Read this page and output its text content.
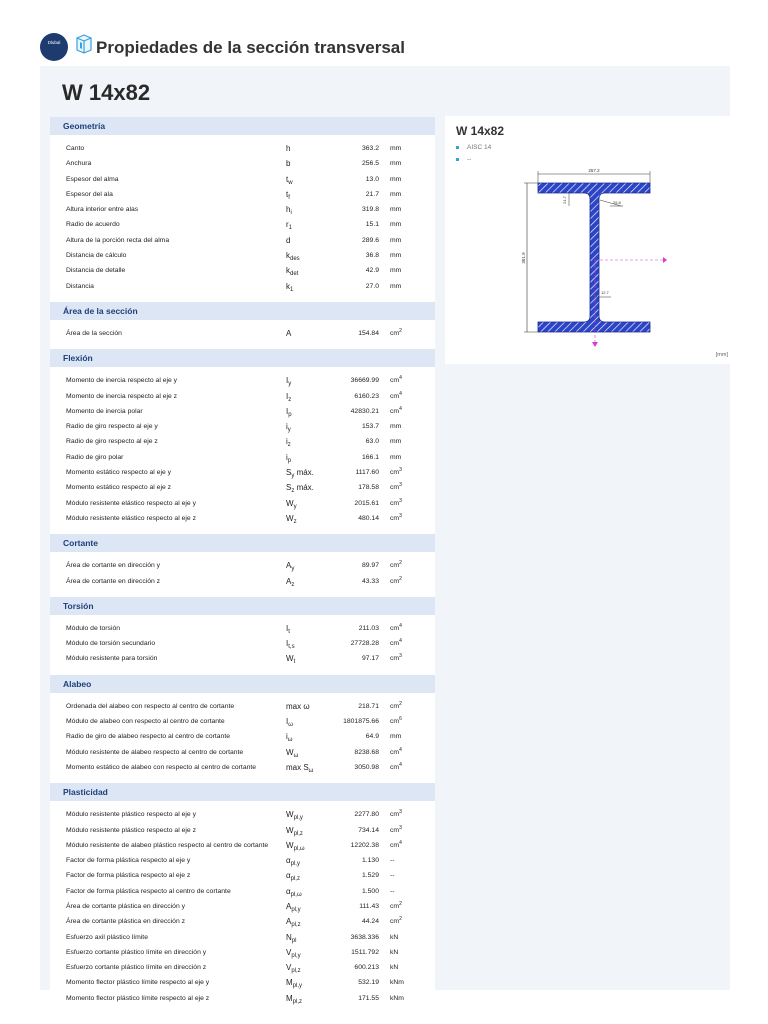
Dlubal	Propiedades de la sección transversal
W 14x82
Geometría
Canto	h	363.2 mm
Anchura	b	256.5 mm
Espesor del alma	$t_w$	13.0 mm
Espesor del ala	$t_f$	21.7 mm
Altura interior entre alas	$h_i$	319.8 mm
Radio de acuerdo	$r_1$	15.1 mm
Altura de la porción recta del alma	d	289.6 mm
Distancia de cálculo	$k_{des}$	36.8 mm
Distancia de detalle	$k_{det}$	42.9 mm
Distancia	$k_1$	27.0 mm
Área de la sección
Área de la sección	A	154.84 $cm^2$
Flexión
Momento de inercia respecto al eje y	$I_y$	36669.99 $cm^4$
Momento de inercia respecto al eje z	$I_z$	6160.23 $cm^4$
Momento de inercia polar	$I_p$	42830.21 $cm^4$
Radio de giro respecto al eje y	$i_y$	153.7 mm
Radio de giro respecto al eje z	$i_z$	63.0 mm
Radio de giro polar	$i_p$	166.1 mm
Momento estático respecto al eje y	$S_y$ máx.	1117.60 $cm^3$
Momento estático respecto al eje z	$S_z$ máx.	178.58 $cm^3$
Módulo resistente elástico respecto al eje y	$W_y$	2015.61 $cm^3$
Módulo resistente elástico respecto al eje z	$W_z$	480.14 $cm^3$
Cortante
Área de cortante en dirección y	$A_y$	89.97 $cm^2$
Área de cortante en dirección z	$A_z$	43.33 $cm^2$
Torsión
Módulo de torsión	$I_t$	211.03 $cm^4$
Módulo de torsión secundario	$I_{t,s}$	27728.28 $cm^4$
Módulo resistente para torsión	$W_t$	97.17 $cm^3$
Alabeo
Ordenada del alabeo con respecto al centro de cortante	max ω	218.71 $cm^2$
Módulo de alabeo con respecto al centro de cortante	$I_\omega$	1801875.66 $cm^6$
Radio de giro de alabeo respecto al centro de cortante	$i_\omega$	64.9 mm
Módulo resistente de alabeo respecto al centro de cortante	$W_\omega$	8238.68 $cm^4$
Momento estático de alabeo con respecto al centro de cortante	$\max S_\omega$	3050.98 $cm^4$
Plasticidad
Módulo resistente plástico respecto al eje y	$W_{pl,y}$	2277.80 $cm^3$
Módulo resistente plástico respecto al eje z	$W_{pl,z}$	734.14 $cm^3$
Módulo resistente de alabeo plástico respecto al centro de cortante $W_{pl,\omega}$	12202.38 $cm^4$
Factor de forma plástica respecto al eje y	$\alpha_{pl,y}$	1.130 --
Factor de forma plástica respecto al eje z	$\alpha_{pl,z}$	1.529 --
Factor de forma plástica respecto al centro de cortante	$\alpha_{pl,\omega}$	1.500 --
Área de cortante plástica en dirección y	$A_{pl,y}$	111.43 $cm^2$
Área de cortante plástica en dirección z	$A_{pl,z}$	44.24 $cm^2$
Esfuerzo axil plástico límite	$N_{pl}$	3638.336 kN
Esfuerzo cortante plástico límite en dirección y	$V_{pl,y}$	1511.792 kN
Esfuerzo cortante plástico límite en dirección z	$V_{pl,z}$	600.213 kN
Momento flector plástico límite respecto al eje y	$M_{pl,y}$	532.19 kNm
Momento flector plástico límite respecto al eje z	$M_{pl,z}$	171.55 kNm
W 14x82
AISC 14
--
257.2
361.9
21.7	26.8
12.7
[mm]
